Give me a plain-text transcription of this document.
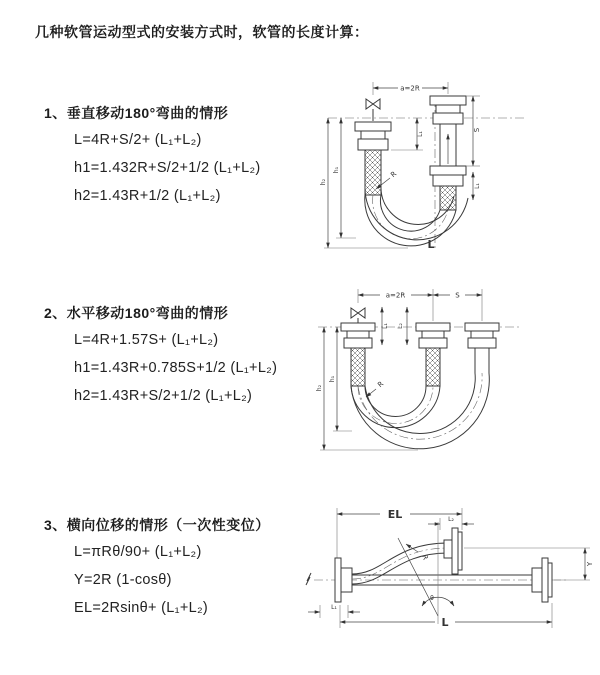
几种软管运动型式的安装方式时，软管的长度计算：
1、垂直移动180°弯曲的情形
L=4R+S/2+ (L₁+L₂)
h1=1.432R+S/2+1/2 (L₁+L₂)
h2=1.43R+1/2 (L₁+L₂)
2、水平移动180°弯曲的情形
L=4R+1.57S+ (L₁+L₂)
h1=1.43R+0.785S+1/2 (L₁+L₂)
h2=1.43R+S/2+1/2 (L₁+L₂)
3、横向位移的情形（一次性变位）
L=πRθ/90+ (L₁+L₂)
Y=2R (1-cosθ)
EL=2Rsinθ+ (L₁+L₂)
a=2R
h₂
h₁
L₁
S
L₁
R
L
a=2R	S
L₁ L₂
h₂
h₁
R
EL	L₂
θ
R
Y
L
L₁
